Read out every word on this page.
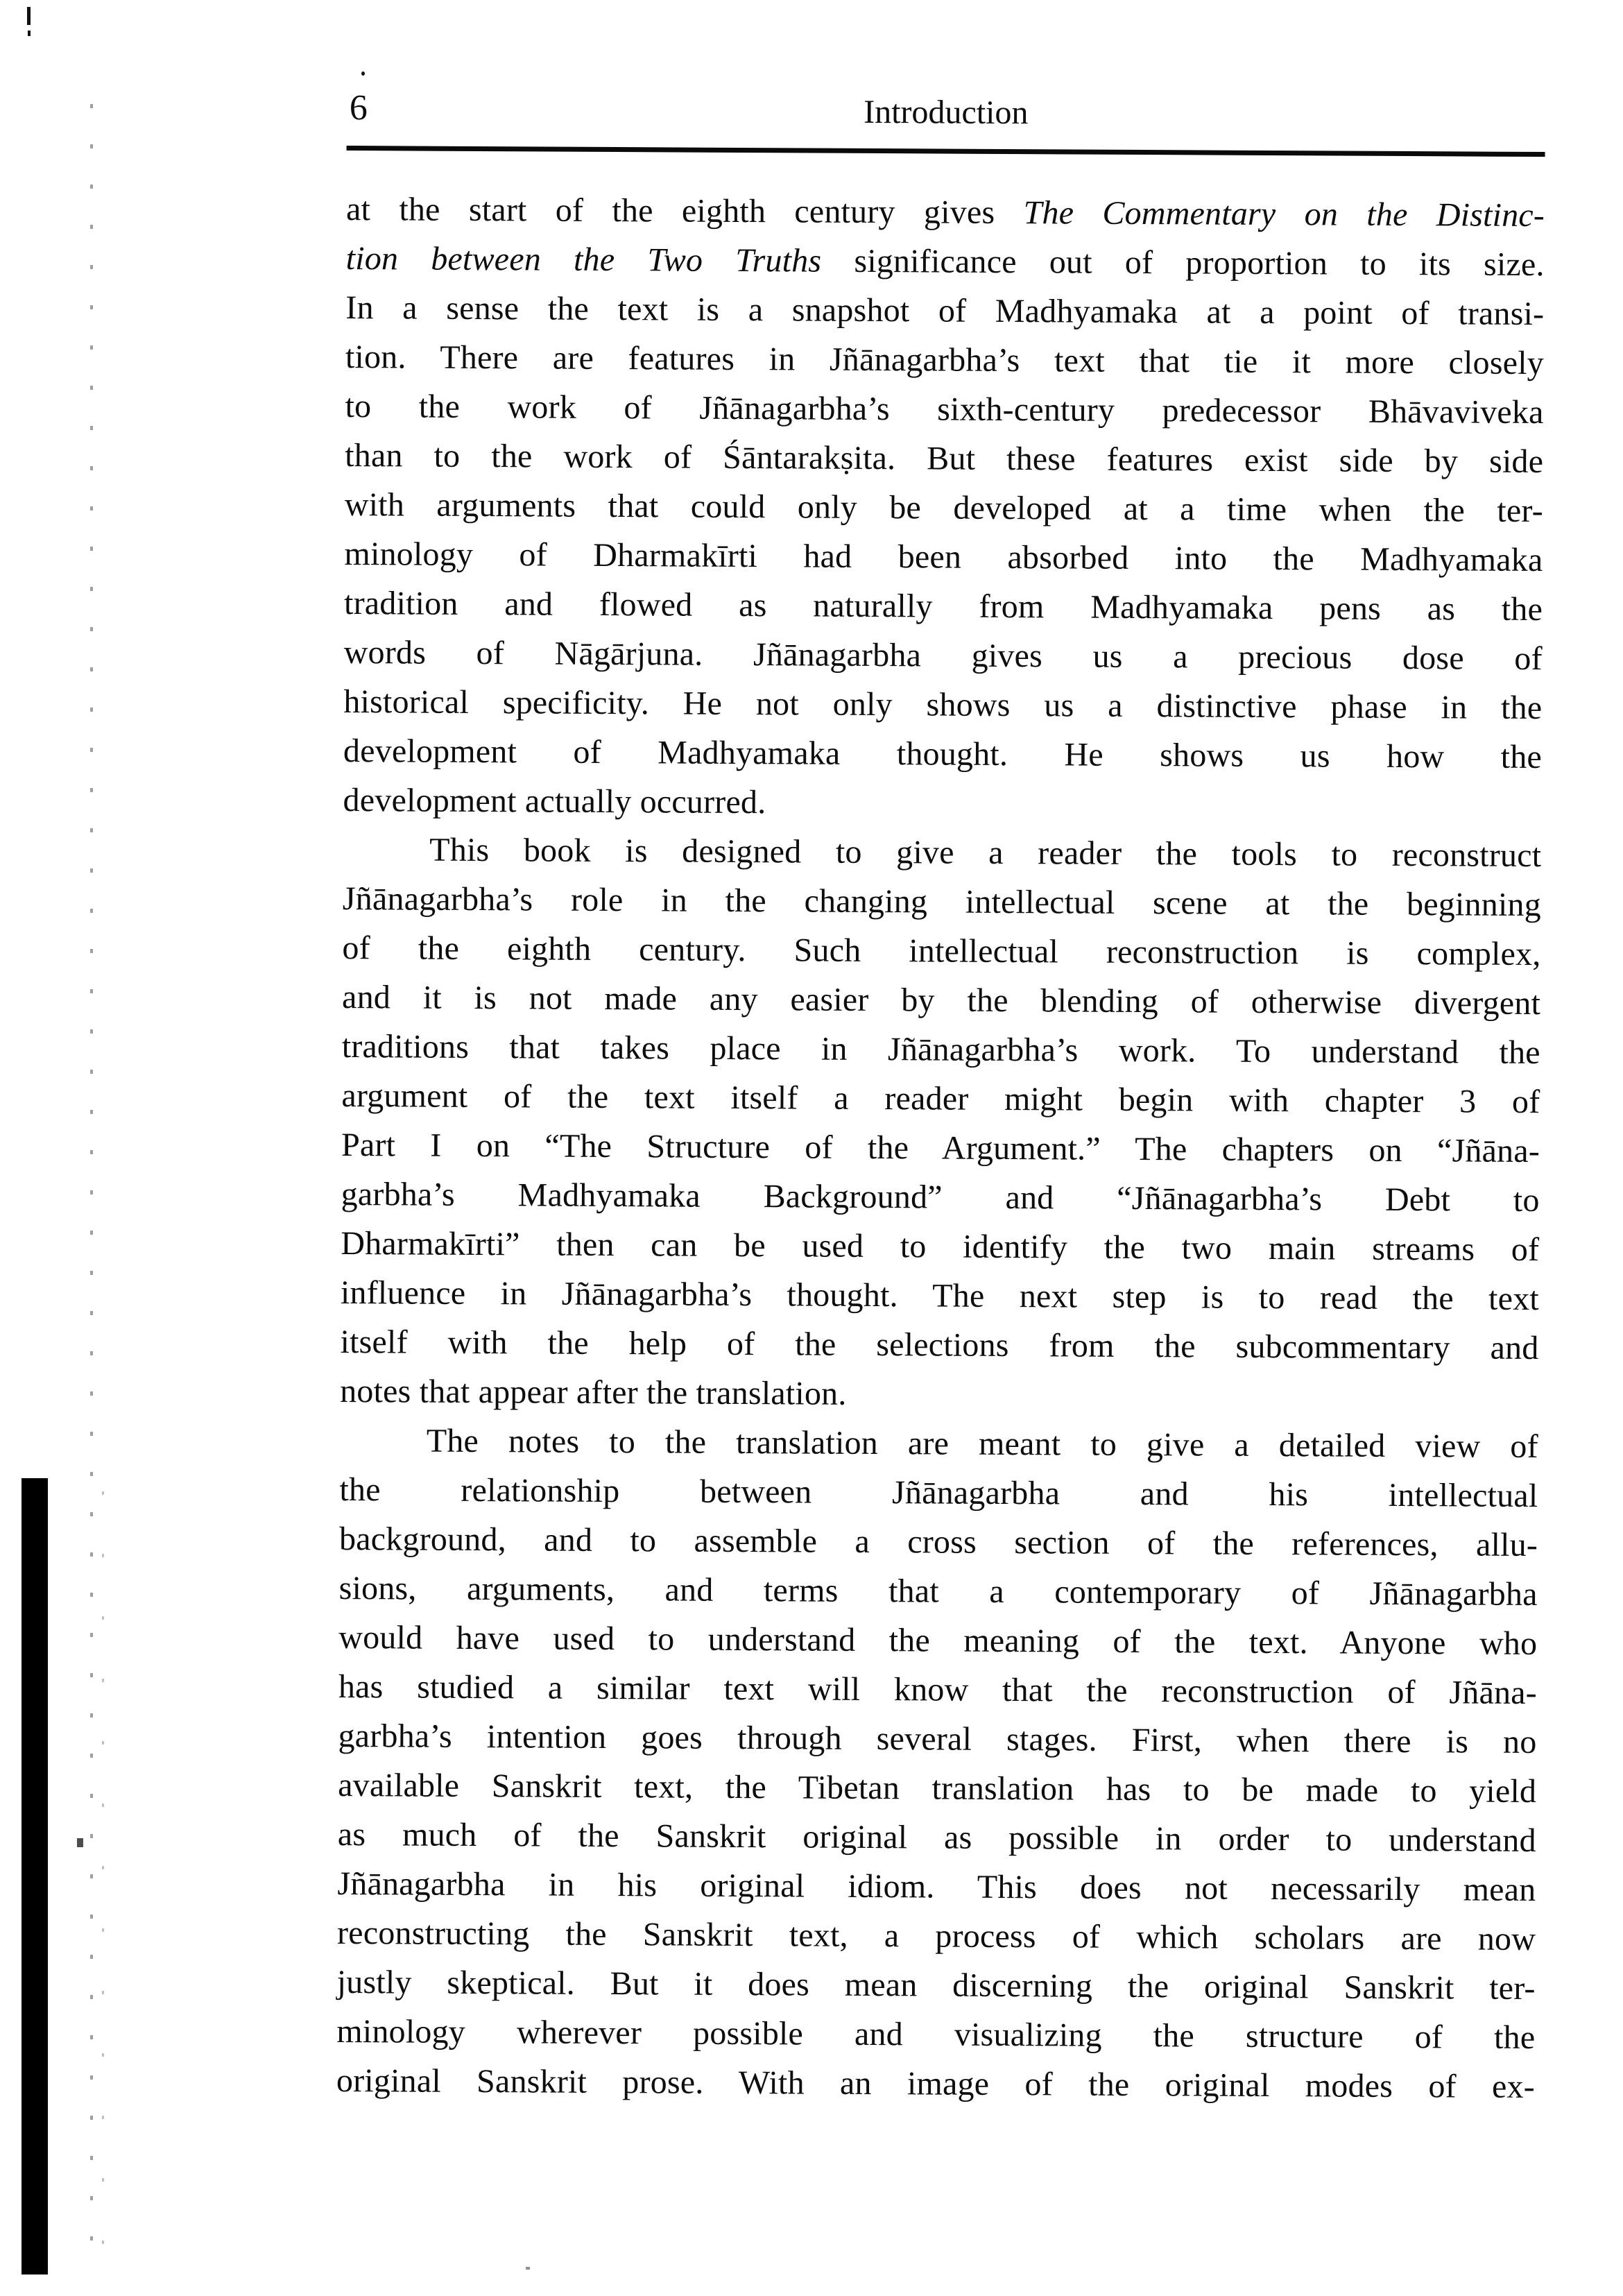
6	Introduction
at the start of the eighth century gives The Commentary on the Distinc-
tion between the Two Truths significance out of proportion to its size.
In a sense the text is a snapshot of Madhyamaka at a point of transi-
tion. There are features in Jñānagarbha’s text that tie it more closely
to the work of Jñānagarbha’s sixth-century predecessor Bhāvaviveka
than to the work of Śāntarakṣita. But these features exist side by side
with arguments that could only be developed at a time when the ter-
minology of Dharmakīrti had been absorbed into the Madhyamaka
tradition and flowed as naturally from Madhyamaka pens as the
words of Nāgārjuna. Jñānagarbha gives us a precious dose of
historical specificity. He not only shows us a distinctive phase in the
development of Madhyamaka thought. He shows us how the
development actually occurred.
This book is designed to give a reader the tools to reconstruct
Jñānagarbha’s role in the changing intellectual scene at the beginning
of the eighth century. Such intellectual reconstruction is complex,
and it is not made any easier by the blending of otherwise divergent
traditions that takes place in Jñānagarbha’s work. To understand the
argument of the text itself a reader might begin with chapter 3 of
Part I on “The Structure of the Argument.” The chapters on “Jñāna-
garbha’s Madhyamaka Background” and “Jñānagarbha’s Debt to
Dharmakīrti” then can be used to identify the two main streams of
influence in Jñānagarbha’s thought. The next step is to read the text
itself with the help of the selections from the subcommentary and
notes that appear after the translation.
The notes to the translation are meant to give a detailed view of
the relationship between Jñānagarbha and his intellectual
background, and to assemble a cross section of the references, allu-
sions, arguments, and terms that a contemporary of Jñānagarbha
would have used to understand the meaning of the text. Anyone who
has studied a similar text will know that the reconstruction of Jñāna-
garbha’s intention goes through several stages. First, when there is no
available Sanskrit text, the Tibetan translation has to be made to yield
as much of the Sanskrit original as possible in order to understand
Jñānagarbha in his original idiom. This does not necessarily mean
reconstructing the Sanskrit text, a process of which scholars are now
justly skeptical. But it does mean discerning the original Sanskrit ter-
minology wherever possible and visualizing the structure of the
original Sanskrit prose. With an image of the original modes of ex-
